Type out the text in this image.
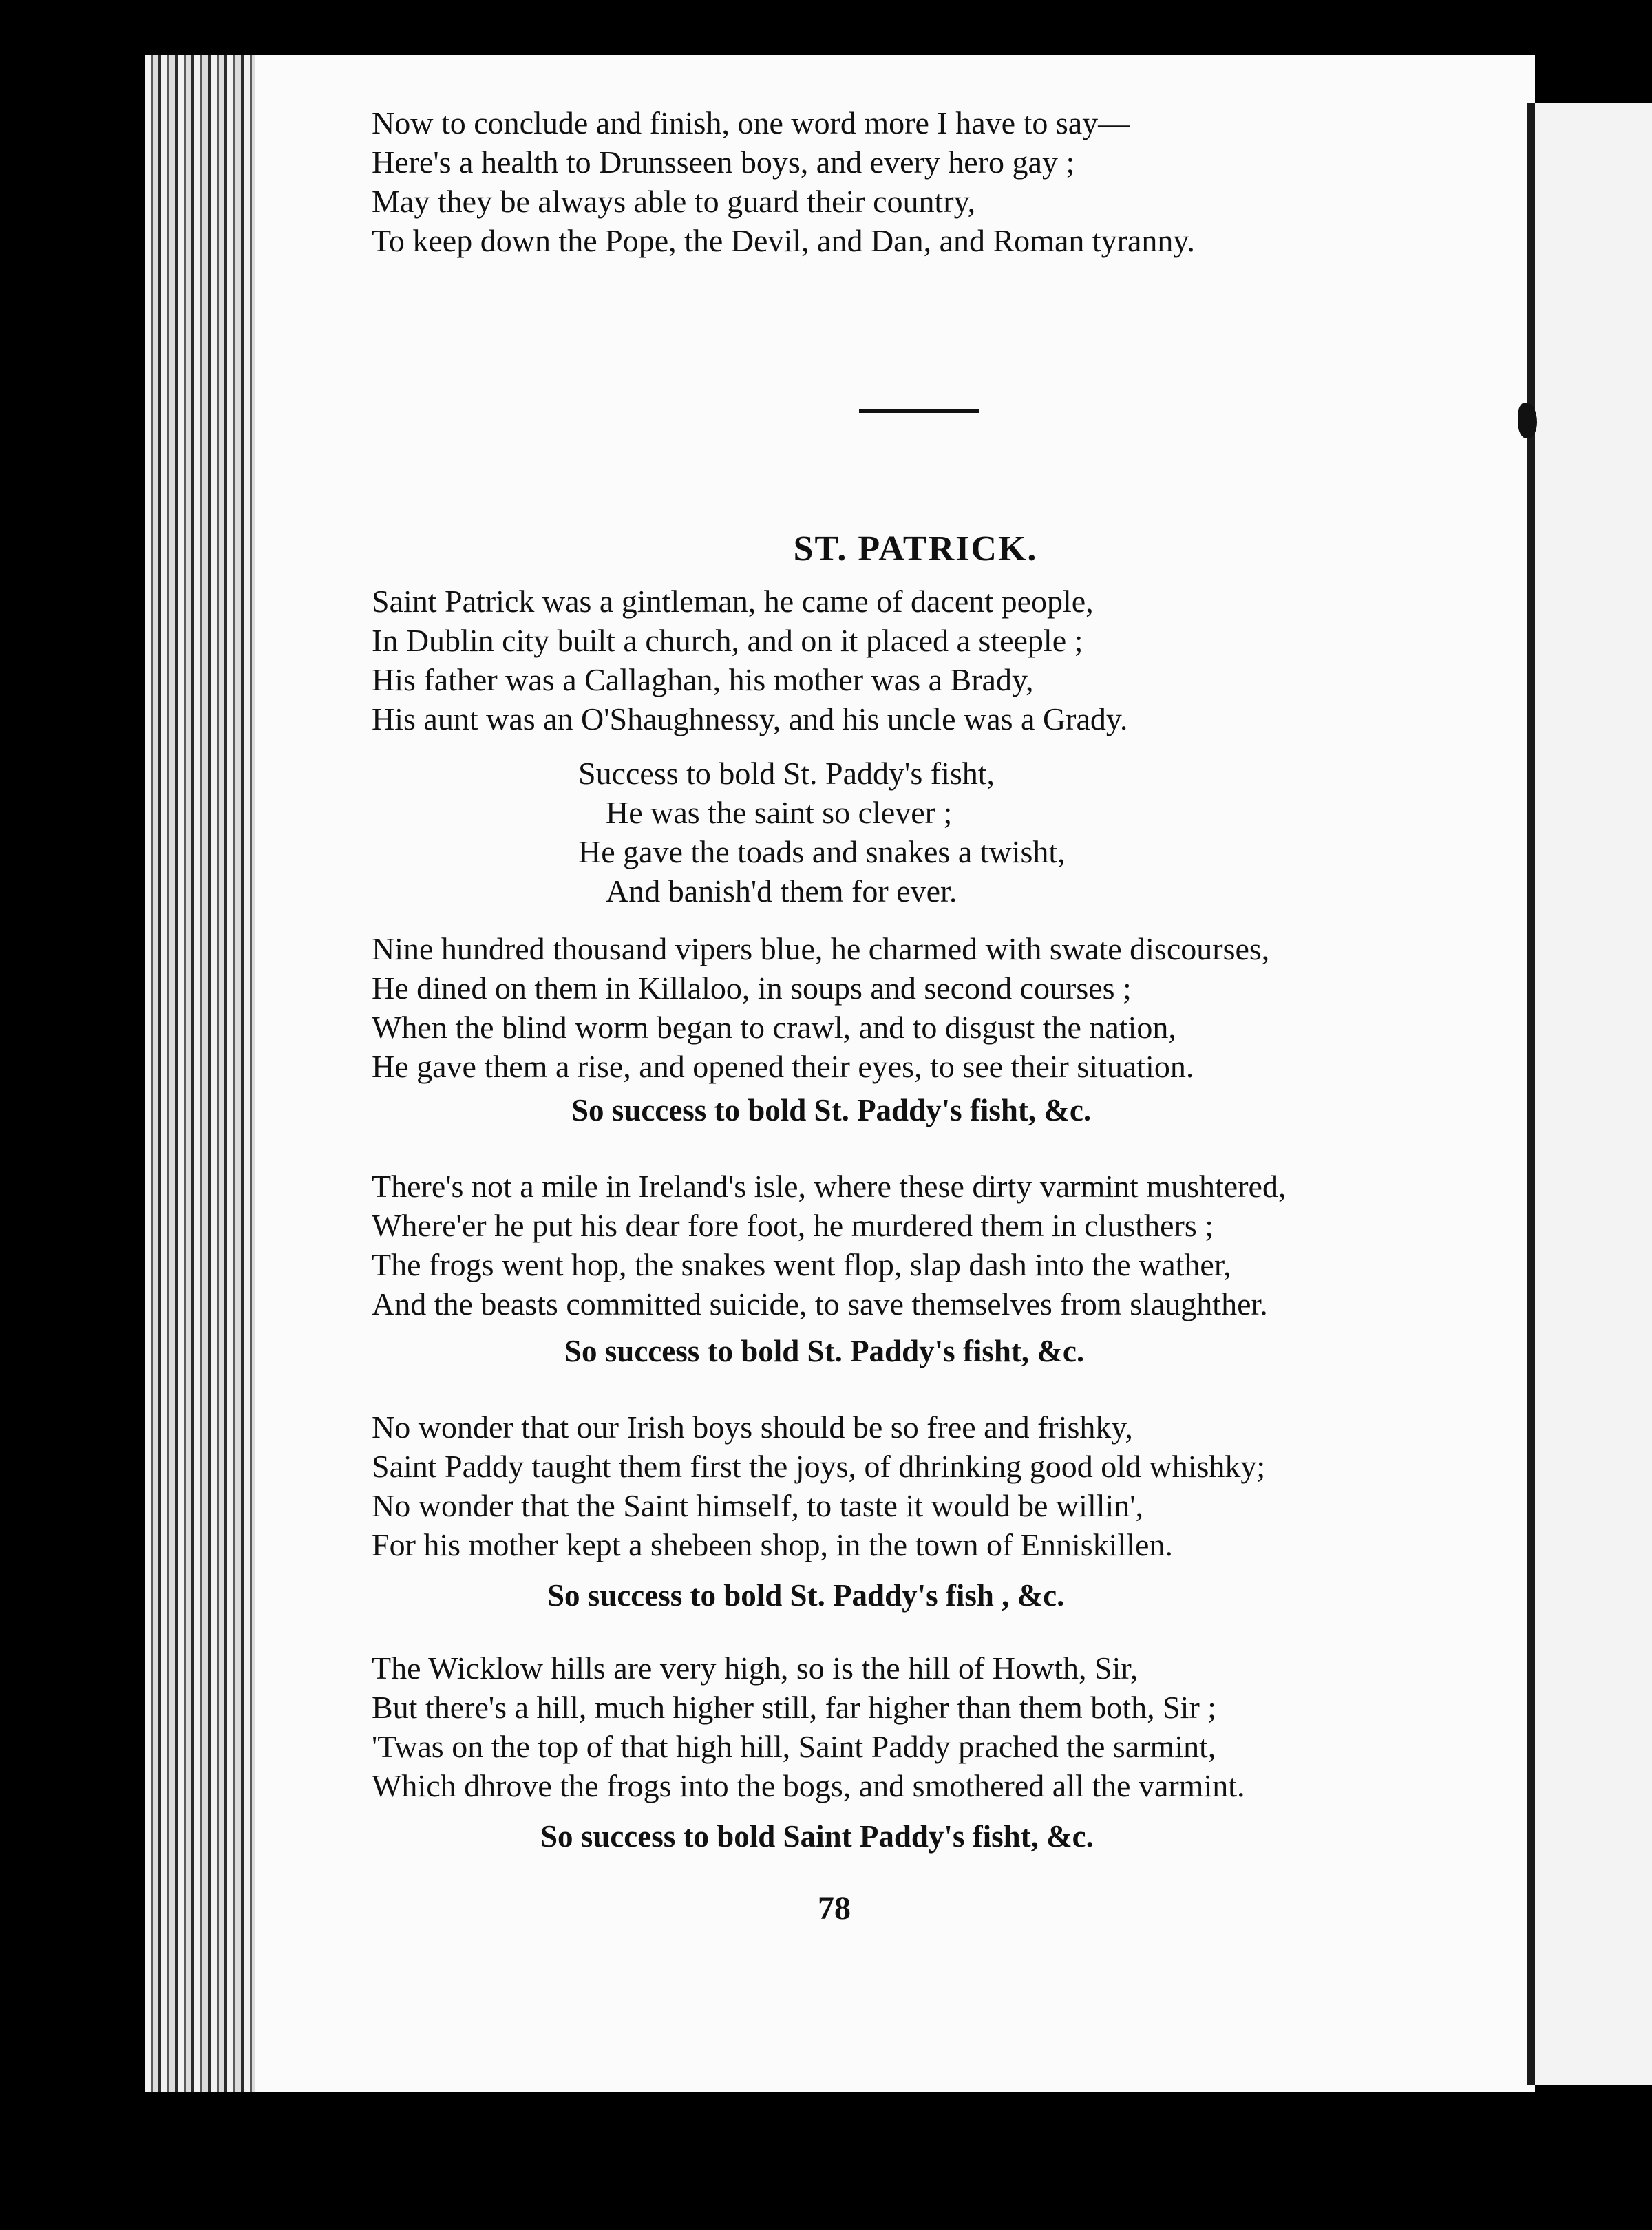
Now to conclude and finish, one word more I have to say—
Here's a health to Drunsseen boys, and every hero gay ;
May they be always able to guard their country,
To keep down the Pope, the Devil, and Dan, and Roman tyranny.
ST. PATRICK.
Saint Patrick was a gintleman, he came of dacent people,
In Dublin city built a church, and on it placed a steeple ;
His father was a Callaghan, his mother was a Brady,
His aunt was an O'Shaughnessy, and his uncle was a Grady.
Success to bold St. Paddy's fisht,
He was the saint so clever ;
He gave the toads and snakes a twisht,
And banish'd them for ever.
Nine hundred thousand vipers blue, he charmed with swate discourses,
He dined on them in Killaloo, in soups and second courses ;
When the blind worm began to crawl, and to disgust the nation,
He gave them a rise, and opened their eyes, to see their situation.
So success to bold St. Paddy's fisht, &c.
There's not a mile in Ireland's isle, where these dirty varmint mushtered,
Where'er he put his dear fore foot, he murdered them in clusthers ;
The frogs went hop, the snakes went flop, slap dash into the wather,
And the beasts committed suicide, to save themselves from slaughther.
So success to bold St. Paddy's fisht, &c.
No wonder that our Irish boys should be so free and frishky,
Saint Paddy taught them first the joys, of dhrinking good old whishky;
No wonder that the Saint himself, to taste it would be willin',
For his mother kept a shebeen shop, in the town of Enniskillen.
So success to bold St. Paddy's fish , &c.
The Wicklow hills are very high, so is the hill of Howth, Sir,
But there's a hill, much higher still, far higher than them both, Sir ;
'Twas on the top of that high hill, Saint Paddy prached the sarmint,
Which dhrove the frogs into the bogs, and smothered all the varmint.
So success to bold Saint Paddy's fisht, &c.
78
